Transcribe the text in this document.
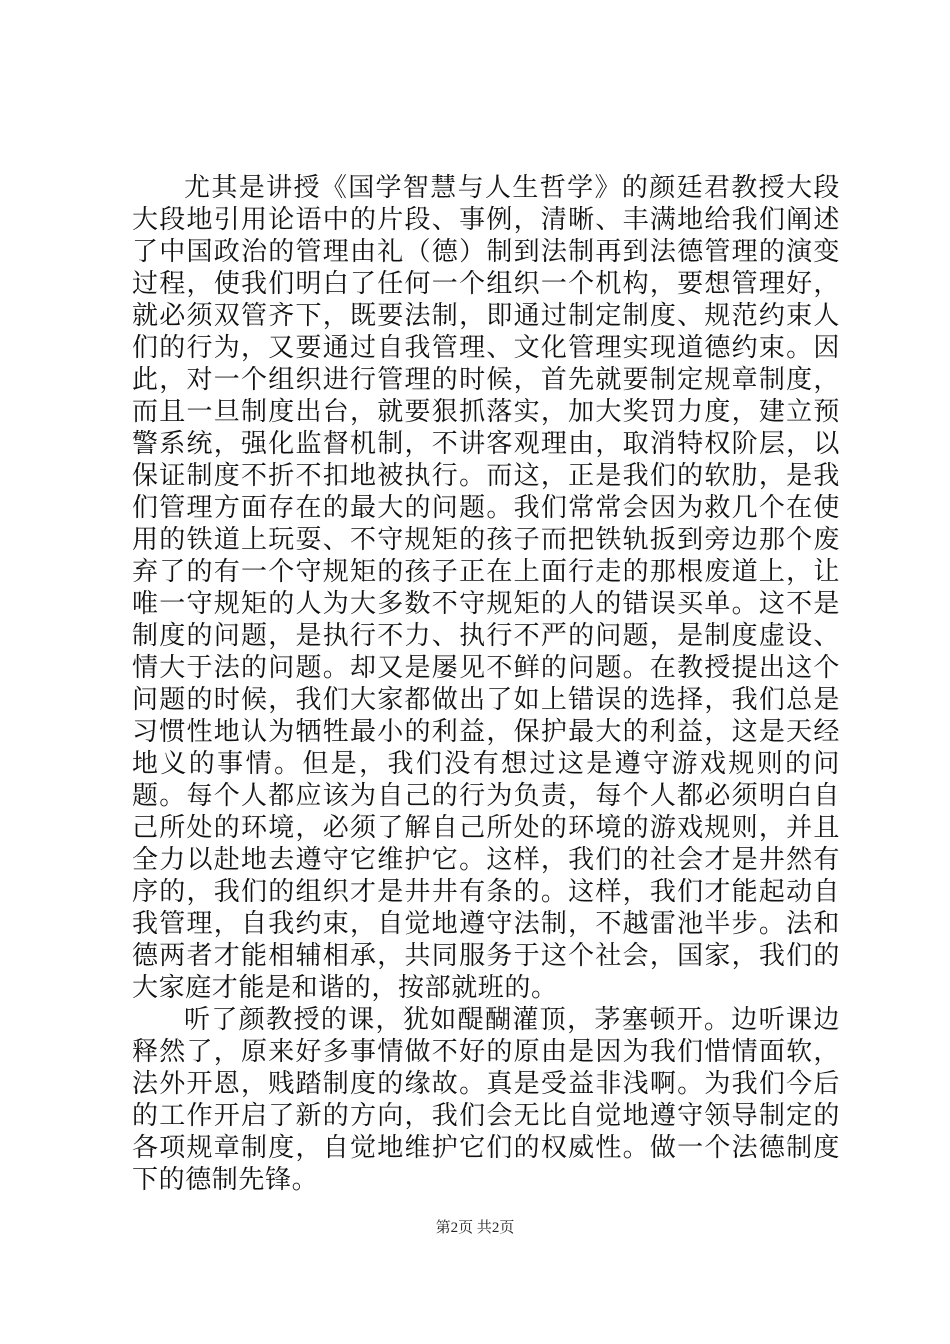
尤其是讲授《国学智慧与人生哲学》的颜廷君教授大段大段地引用论语中的片段、事例，清晰、丰满地给我们阐述了中国政治的管理由礼（德）制到法制再到法德管理的演变过程，使我们明白了任何一个组织一个机构，要想管理好，就必须双管齐下，既要法制，即通过制定制度、规范约束人们的行为，又要通过自我管理、文化管理实现道德约束。因此，对一个组织进行管理的时候，首先就要制定规章制度，而且一旦制度出台，就要狠抓落实，加大奖罚力度，建立预警系统，强化监督机制，不讲客观理由，取消特权阶层，以保证制度不折不扣地被执行。而这，正是我们的软肋，是我们管理方面存在的最大的问题。我们常常会因为救几个在使用的铁道上玩耍、不守规矩的孩子而把铁轨扳到旁边那个废弃了的有一个守规矩的孩子正在上面行走的那根废道上，让唯一守规矩的人为大多数不守规矩的人的错误买单。这不是制度的问题，是执行不力、执行不严的问题，是制度虚设、情大于法的问题。却又是屡见不鲜的问题。在教授提出这个问题的时候，我们大家都做出了如上错误的选择，我们总是习惯性地认为牺牲最小的利益，保护最大的利益，这是天经地义的事情。但是，我们没有想过这是遵守游戏规则的问题。每个人都应该为自己的行为负责，每个人都必须明白自己所处的环境，必须了解自己所处的环境的游戏规则，并且全力以赴地去遵守它维护它。这样，我们的社会才是井然有序的，我们的组织才是井井有条的。这样，我们才能起动自我管理，自我约束，自觉地遵守法制，不越雷池半步。法和德两者才能相辅相承，共同服务于这个社会，国家，我们的大家庭才能是和谐的，按部就班的。

听了颜教授的课，犹如醍醐灌顶，茅塞顿开。边听课边释然了，原来好多事情做不好的原由是因为我们惜情面软，法外开恩，贱踏制度的缘故。真是受益非浅啊。为我们今后的工作开启了新的方向，我们会无比自觉地遵守领导制定的各项规章制度，自觉地维护它们的权威性。做一个法德制度下的德制先锋。

第2页 共2页
